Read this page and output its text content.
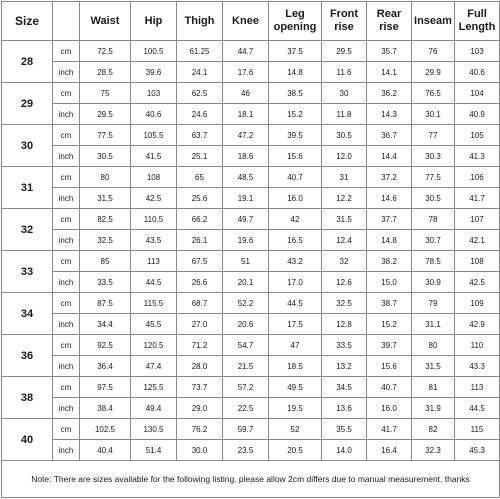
Size		Waist	Hip	Thigh	Knee	Leg opening	Front rise	Rear rise	Inseam	Full Length
28	cm	72.5	100.5	61.25	44.7	37.5	29.5	35.7	76	103
	inch	28.5	39.6	24.1	17.6	14.8	11.6	14.1	29.9	40.6
29	cm	75	103	62.5	46	38.5	30	36.2	76.5	104
	inch	29.5	40.6	24.6	18.1	15.2	11.8	14.3	30.1	40.9
30	cm	77.5	105.5	63.7	47.2	39.5	30.5	36.7	77	105
	inch	30.5	41.5	25.1	18.6	15.6	12.0	14.4	30.3	41.3
31	cm	80	108	65	48.5	40.7	31	37.2	77.5	106
	inch	31.5	42.5	25.6	19.1	16.0	12.2	14.6	30.5	41.7
32	cm	82.5	110.5	66.2	49.7	42	31.5	37.7	78	107
	inch	32.5	43.5	26.1	19.6	16.5	12.4	14.8	30.7	42.1
33	cm	85	113	67.5	51	43.2	32	38.2	78.5	108
	inch	33.5	44.5	26.6	20.1	17.0	12.6	15.0	30.9	42.5
34	cm	87.5	115.5	68.7	52.2	44.5	32.5	38.7	79	109
	inch	34.4	45.5	27.0	20.6	17.5	12.8	15.2	31.1	42.9
36	cm	92.5	120.5	71.2	54.7	47	33.5	39.7	80	110
	inch	36.4	47.4	28.0	21.5	18.5	13.2	15.6	31.5	43.3
38	cm	97.5	125.5	73.7	57.2	49.5	34.5	40.7	81	113
	inch	38.4	49.4	29.0	22.5	19.5	13.6	16.0	31.9	44.5
40	cm	102.5	130.5	76.2	59.7	52	35.5	41.7	82	115
	inch	40.4	51.4	30.0	23.5	20.5	14.0	16.4	32.3	45.3
Note: There are sizes available for the following listing. please allow 2cm differs due to manual measurement, thanks										
